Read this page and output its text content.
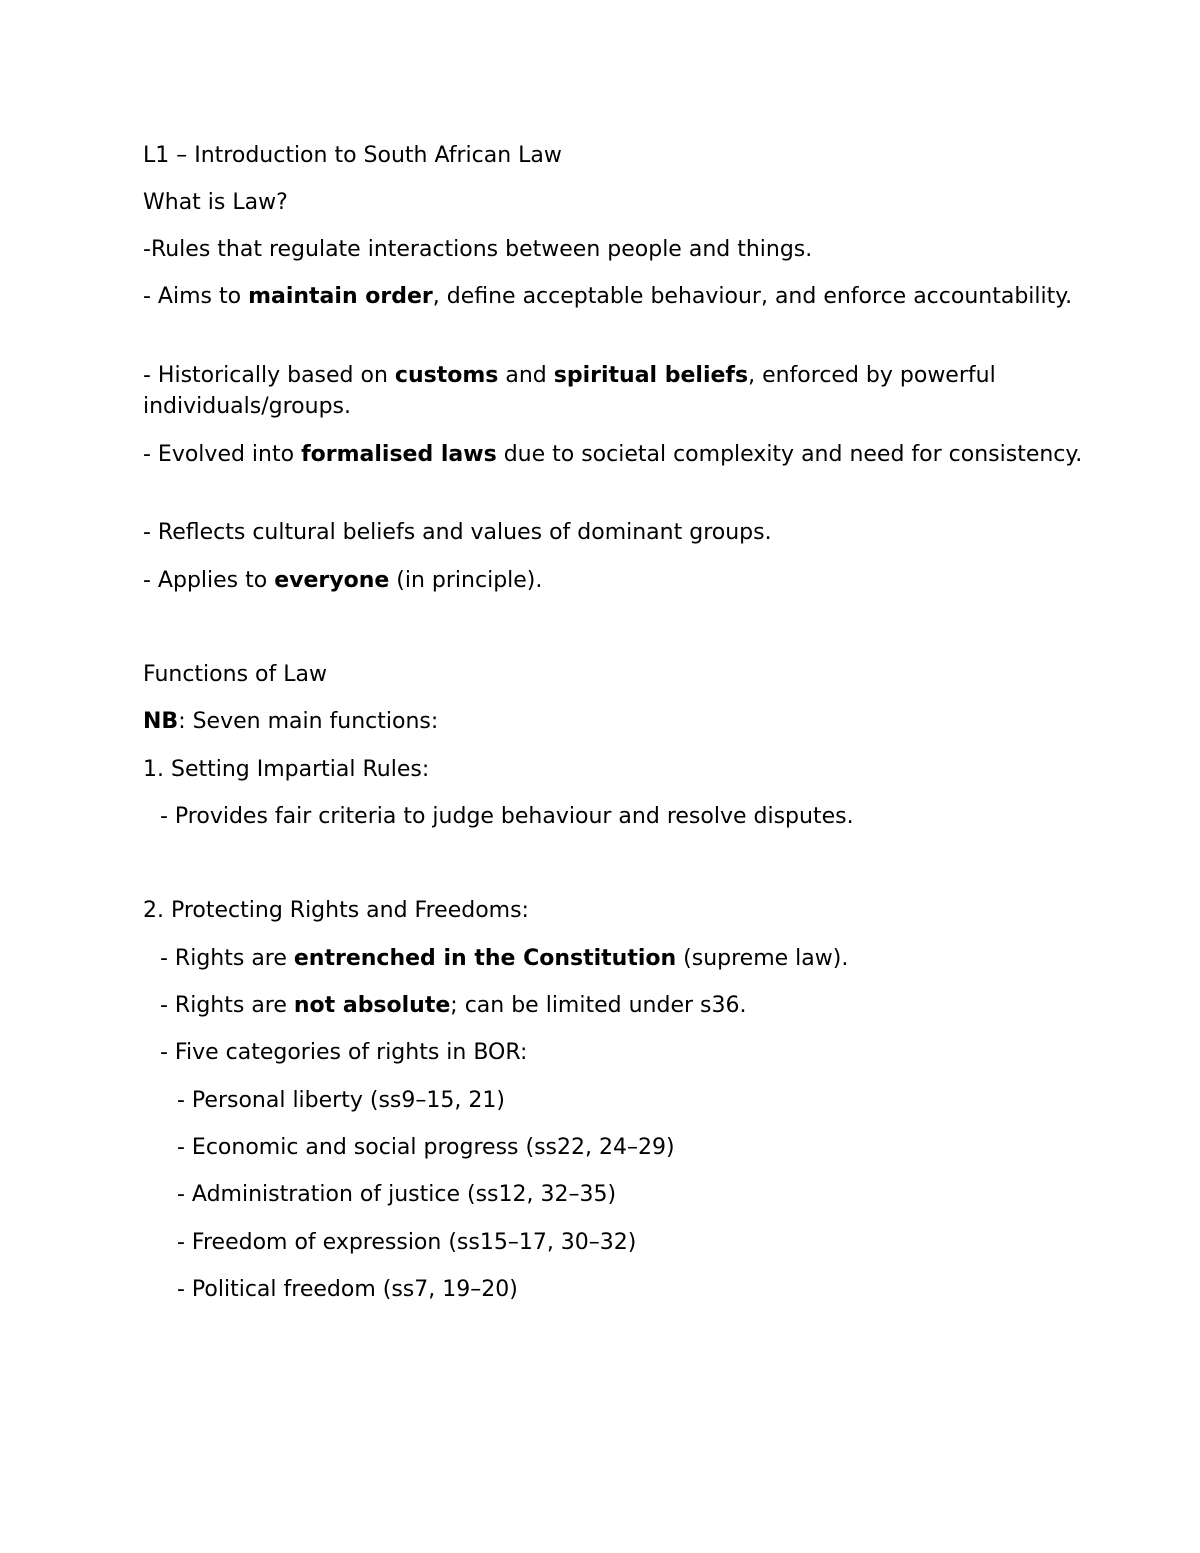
L1 – Introduction to South African Law

What is Law?

-Rules that regulate interactions between people and things.

- Aims to maintain order, define acceptable behaviour, and enforce accountability.

- Historically based on customs and spiritual beliefs, enforced by powerful individuals/groups.

- Evolved into formalised laws due to societal complexity and need for consistency.

- Reflects cultural beliefs and values of dominant groups.

- Applies to everyone (in principle).

Functions of Law

NB: Seven main functions:

1. Setting Impartial Rules:

- Provides fair criteria to judge behaviour and resolve disputes.

2. Protecting Rights and Freedoms:

- Rights are entrenched in the Constitution (supreme law).

- Rights are not absolute; can be limited under s36.

- Five categories of rights in BOR:

- Personal liberty (ss9–15, 21)

- Economic and social progress (ss22, 24–29)

- Administration of justice (ss12, 32–35)

- Freedom of expression (ss15–17, 30–32)

- Political freedom (ss7, 19–20)
